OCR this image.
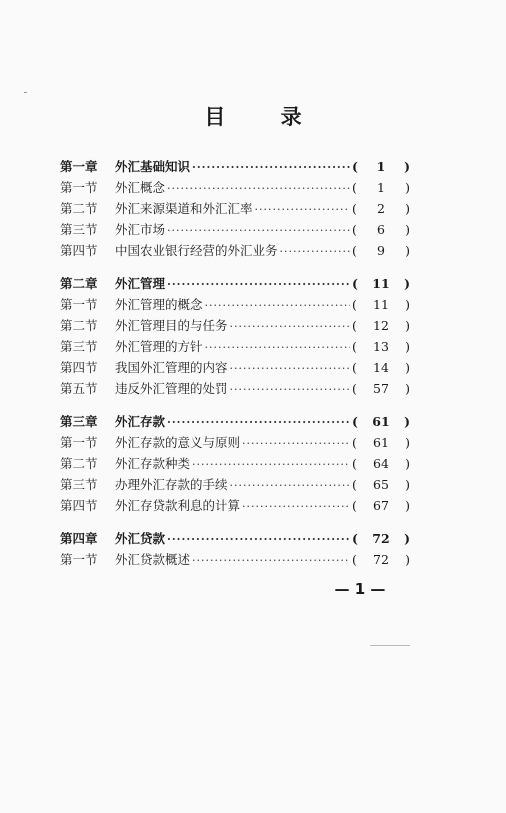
目 录
第一章	外汇基础知识 ·····	(	1	)
第一节	外汇概念 ·····	(	1	)
第二节	外汇来源渠道和外汇汇率 ·····	(	2	)
第三节	外汇市场 ·····	(	6	)
第四节	中国农业银行经营的外汇业务 ·····	(	9	)
第二章	外汇管理 ·····	(	11	)
第一节	外汇管理的概念 ·····	(	11	)
第二节	外汇管理目的与任务 ·····	(	12	)
第三节	外汇管理的方针 ·····	(	13	)
第四节	我国外汇管理的内容 ·····	(	14	)
第五节	违反外汇管理的处罚 ·····	(	57	)
第三章	外汇存款 ·····	(	61	)
第一节	外汇存款的意义与原则 ·····	(	61	)
第二节	外汇存款种类 ·····	(	64	)
第三节	办理外汇存款的手续 ·····	(	65	)
第四节	外汇存贷款利息的计算 ·····	(	67	)
第四章	外汇贷款 ·····	(	72	)
第一节	外汇贷款概述 ·····	(	72	)
— 1 —
